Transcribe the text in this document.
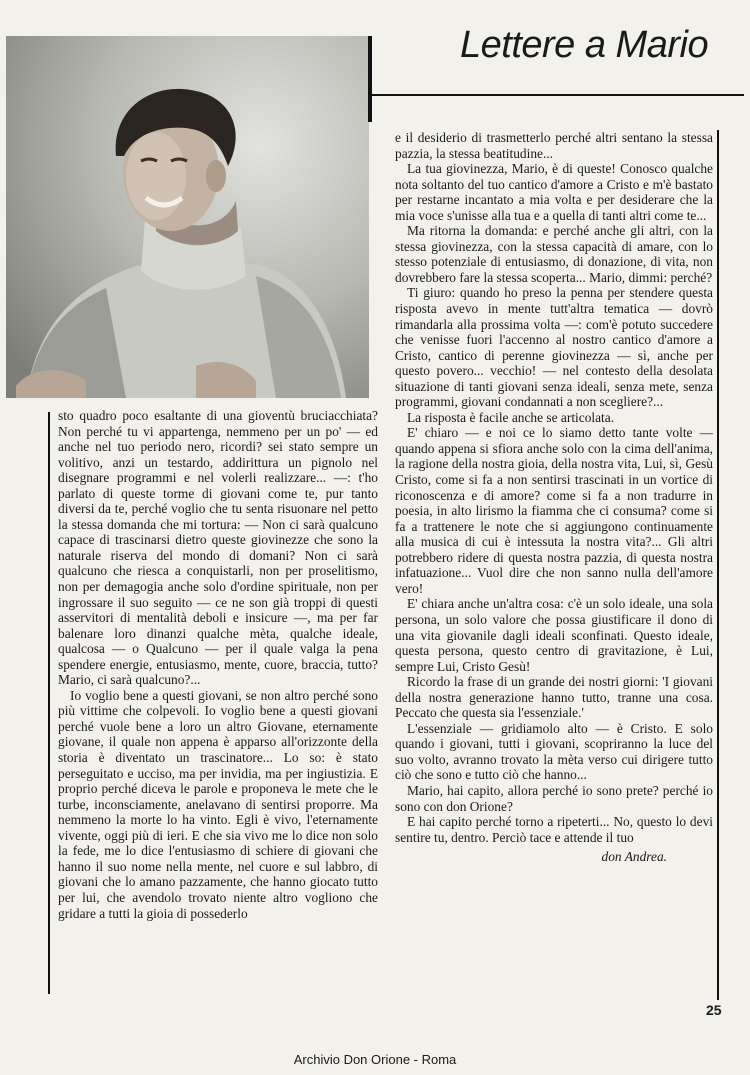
Lettere a Mario

sto quadro poco esaltante di una gioventù bruciacchiata? Non perché tu vi appartenga, nemmeno per un po' — ed anche nel tuo periodo nero, ricordi? sei stato sempre un volitivo, anzi un testardo, addirittura un pignolo nel disegnare programmi e nel volerli realizzare... —: t'ho parlato di queste torme di giovani come te, pur tanto diversi da te, perché voglio che tu senta risuonare nel petto la stessa domanda che mi tortura: — Non ci sarà qualcuno capace di trascinarsi dietro queste giovinezze che sono la naturale riserva del mondo di domani? Non ci sarà qualcuno che riesca a conquistarli, non per proselitismo, non per demagogia anche solo d'ordine spirituale, non per ingrossare il suo seguito — ce ne son già troppi di questi asservitori di mentalità deboli e insicure —, ma per far balenare loro dinanzi qualche mèta, qualche ideale, qualcosa — o Qualcuno — per il quale valga la pena spendere energie, entusiasmo, mente, cuore, braccia, tutto? Mario, ci sarà qualcuno?...

Io voglio bene a questi giovani, se non altro perché sono più vittime che colpevoli. Io voglio bene a questi giovani perché vuole bene a loro un altro Giovane, eternamente giovane, il quale non appena è apparso all'orizzonte della storia è diventato un trascinatore... Lo so: è stato perseguitato e ucciso, ma per invidia, ma per ingiustizia. E proprio perché diceva le parole e proponeva le mete che le turbe, inconsciamente, anelavano di sentirsi proporre. Ma nemmeno la morte lo ha vinto. Egli è vivo, l'eternamente vivente, oggi più di ieri. E che sia vivo me lo dice non solo la fede, me lo dice l'entusiasmo di schiere di giovani che hanno il suo nome nella mente, nel cuore e sul labbro, di giovani che lo amano pazzamente, che hanno giocato tutto per lui, che avendolo trovato niente altro vogliono che gridare a tutti la gioia di possederlo

e il desiderio di trasmetterlo perché altri sentano la stessa pazzia, la stessa beatitudine...

La tua giovinezza, Mario, è di queste! Conosco qualche nota soltanto del tuo cantico d'amore a Cristo e m'è bastato per restarne incantato a mia volta e per desiderare che la mia voce s'unisse alla tua e a quella di tanti altri come te...

Ma ritorna la domanda: e perché anche gli altri, con la stessa giovinezza, con la stessa capacità di amare, con lo stesso potenziale di entusiasmo, di donazione, di vita, non dovrebbero fare la stessa scoperta... Mario, dimmi: perché?

Ti giuro: quando ho preso la penna per stendere questa risposta avevo in mente tutt'altra tematica — dovrò rimandarla alla prossima volta —: com'è potuto succedere che venisse fuori l'accenno al nostro cantico d'amore a Cristo, cantico di perenne giovinezza — sì, anche per questo povero... vecchio! — nel contesto della desolata situazione di tanti giovani senza ideali, senza mete, senza programmi, giovani condannati a non scegliere?...

La risposta è facile anche se articolata.

E' chiaro — e noi ce lo siamo detto tante volte — quando appena si sfiora anche solo con la cima dell'anima, la ragione della nostra gioia, della nostra vita, Lui, sì, Gesù Cristo, come si fa a non sentirsi trascinati in un vortice di riconoscenza e di amore? come si fa a non tradurre in poesia, in alto lirismo la fiamma che ci consuma? come si fa a trattenere le note che si aggiungono continuamente alla musica di cui è intessuta la nostra vita?... Gli altri potrebbero ridere di questa nostra pazzia, di questa nostra infatuazione... Vuol dire che non sanno nulla dell'amore vero!

E' chiara anche un'altra cosa: c'è un solo ideale, una sola persona, un solo valore che possa giustificare il dono di una vita giovanile dagli ideali sconfinati. Questo ideale, questa persona, questo centro di gravitazione, è Lui, sempre Lui, Cristo Gesù!

Ricordo la frase di un grande dei nostri giorni: 'I giovani della nostra generazione hanno tutto, tranne una cosa. Peccato che questa sia l'essenziale.'

L'essenziale — gridiamolo alto — è Cristo. E solo quando i giovani, tutti i giovani, scopriranno la luce del suo volto, avranno trovato la mèta verso cui dirigere tutto ciò che sono e tutto ciò che hanno...

Mario, hai capito, allora perché io sono prete? perché io sono con don Orione?

E hai capito perché torno a ripeterti... No, questo lo devi sentire tu, dentro. Perciò tace e attende il tuo

don Andrea.
25
Archivio Don Orione - Roma
